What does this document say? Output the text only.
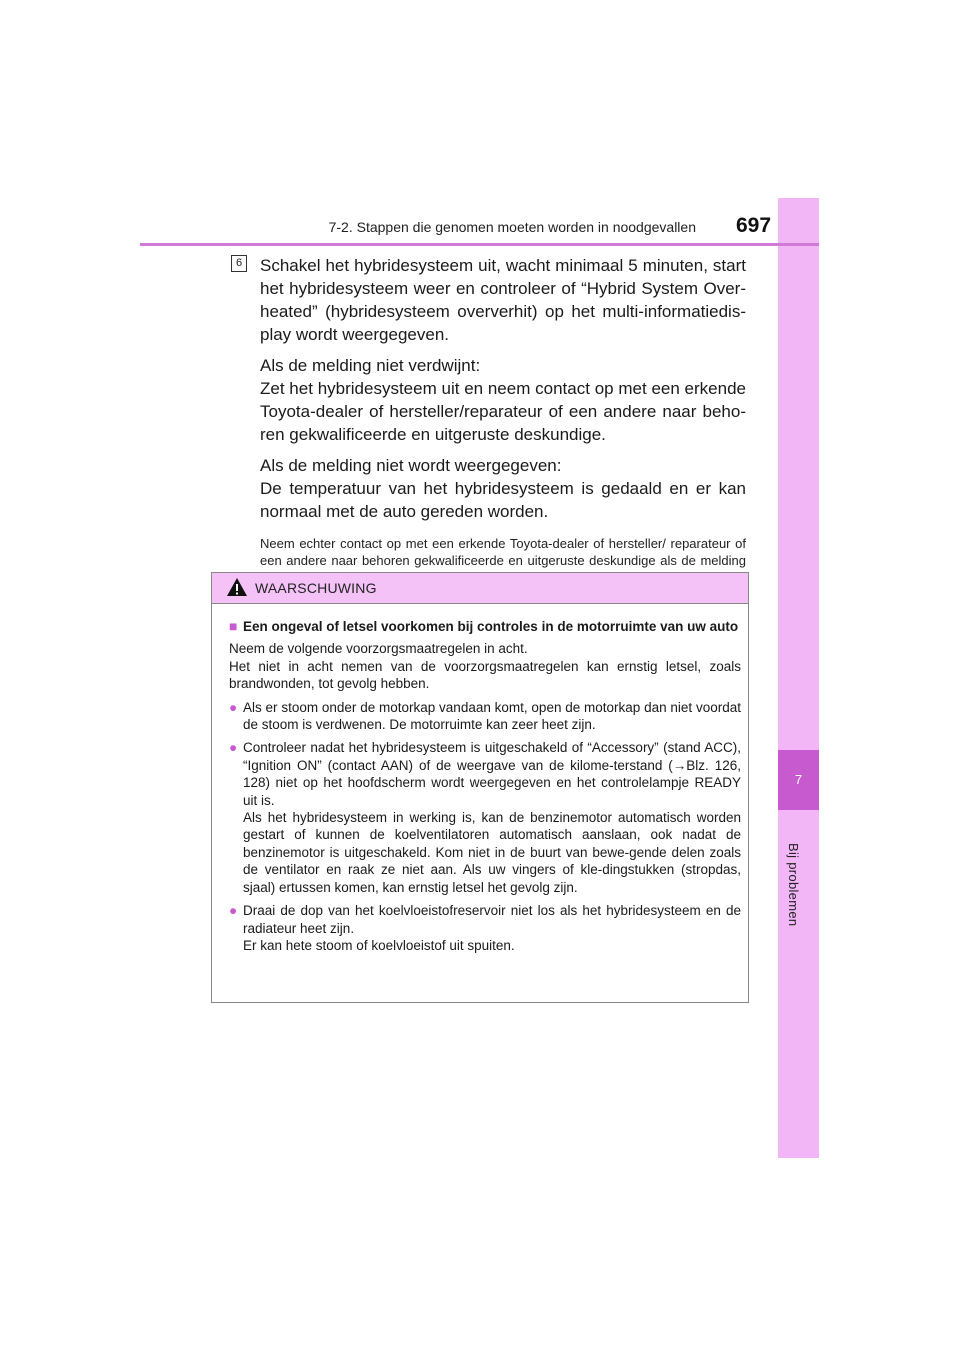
7
Bij problemen
7-2. Stappen die genomen moeten worden in noodgevallen 697
6 Schakel het hybridesysteem uit, wacht minimaal 5 minuten, start het hybridesysteem weer en controleer of “Hybrid System Over-heated” (hybridesysteem oververhit) op het multi-informatiedis-play wordt weergegeven.

Als de melding niet verdwijnt:

Zet het hybridesysteem uit en neem contact op met een erkende Toyota-dealer of hersteller/reparateur of een andere naar beho-ren gekwalificeerde en uitgeruste deskundige.

Als de melding niet wordt weergegeven:

De temperatuur van het hybridesysteem is gedaald en er kan normaal met de auto gereden worden.

Neem echter contact op met een erkende Toyota-dealer of hersteller/ reparateur of een andere naar behoren gekwalificeerde en uitgeruste deskundige als de melding

WAARSCHUWING
■ Een ongeval of letsel voorkomen bij controles in de motorruimte van uw auto

Neem de volgende voorzorgsmaatregelen in acht.

Het niet in acht nemen van de voorzorgsmaatregelen kan ernstig letsel, zoals brandwonden, tot gevolg hebben.

● Als er stoom onder de motorkap vandaan komt, open de motorkap dan niet voordat de stoom is verdwenen. De motorruimte kan zeer heet zijn.

● Controleer nadat het hybridesysteem is uitgeschakeld of “Accessory” (stand ACC), “Ignition ON” (contact AAN) of de weergave van de kilome-terstand (→Blz. 126, 128) niet op het hoofdscherm wordt weergegeven en het controlelampje READY uit is.

Als het hybridesysteem in werking is, kan de benzinemotor automatisch worden gestart of kunnen de koelventilatoren automatisch aanslaan, ook nadat de benzinemotor is uitgeschakeld. Kom niet in de buurt van bewe-gende delen zoals de ventilator en raak ze niet aan. Als uw vingers of kle-dingstukken (stropdas, sjaal) ertussen komen, kan ernstig letsel het gevolg zijn.

● Draai de dop van het koelvloeistofreservoir niet los als het hybridesysteem en de radiateur heet zijn.

Er kan hete stoom of koelvloeistof uit spuiten.
